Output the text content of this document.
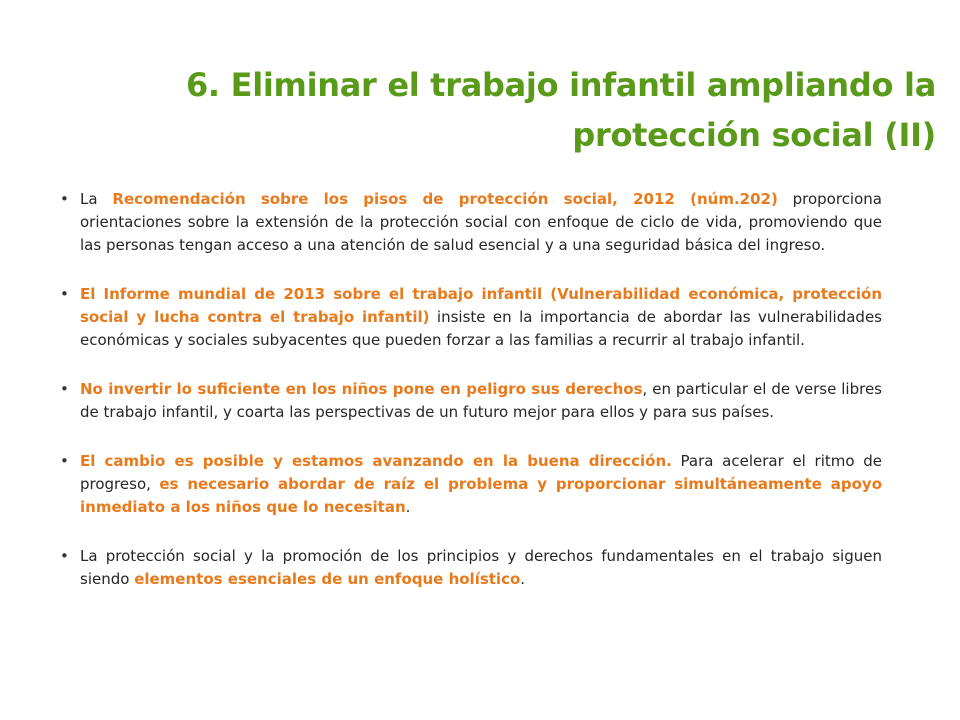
6. Eliminar el trabajo infantil ampliando la protección social (II)
• La Recomendación sobre los pisos de protección social, 2012 (núm.202) proporciona orientaciones sobre la extensión de la protección social con enfoque de ciclo de vida, promoviendo que las personas tengan acceso a una atención de salud esencial y a una seguridad básica del ingreso.
• El Informe mundial de 2013 sobre el trabajo infantil (Vulnerabilidad económica, protección social y lucha contra el trabajo infantil) insiste en la importancia de abordar las vulnerabilidades económicas y sociales subyacentes que pueden forzar a las familias a recurrir al trabajo infantil.
• No invertir lo suficiente en los niños pone en peligro sus derechos, en particular el de verse libres de trabajo infantil, y coarta las perspectivas de un futuro mejor para ellos y para sus países.
• El cambio es posible y estamos avanzando en la buena dirección. Para acelerar el ritmo de progreso, es necesario abordar de raíz el problema y proporcionar simultáneamente apoyo inmediato a los niños que lo necesitan.
• La protección social y la promoción de los principios y derechos fundamentales en el trabajo siguen siendo elementos esenciales de un enfoque holístico.
